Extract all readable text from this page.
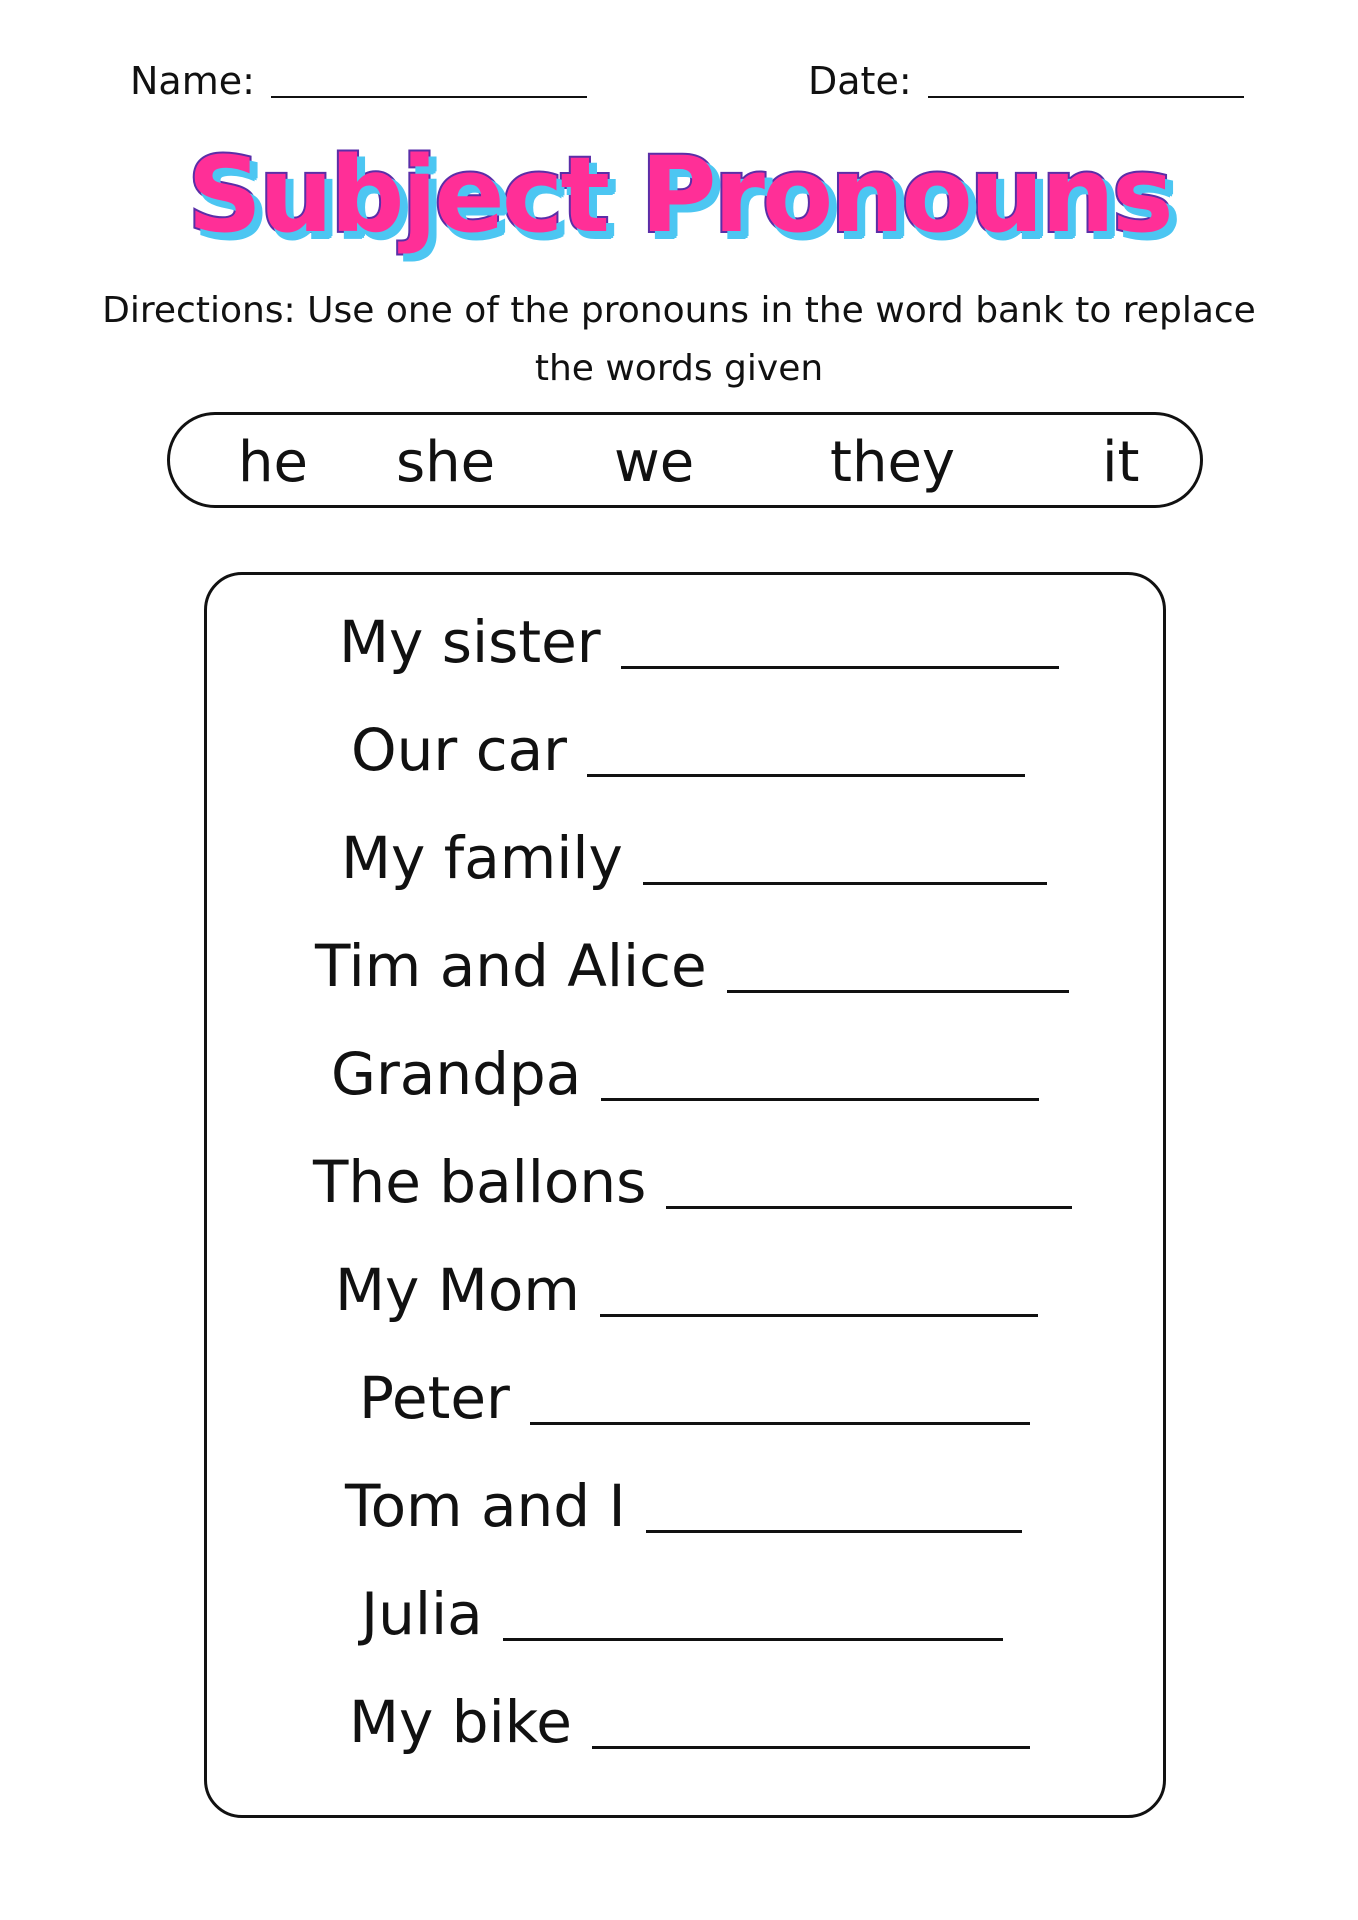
Name:	Date:
Subject Pronouns

Directions: Use one of the pronouns in the word bank to replace the words given

he she we they	it
My sister
Our car
My family
Tim and Alice
Grandpa
The ballons
My Mom
Peter
Tom and I
Julia
My bike
